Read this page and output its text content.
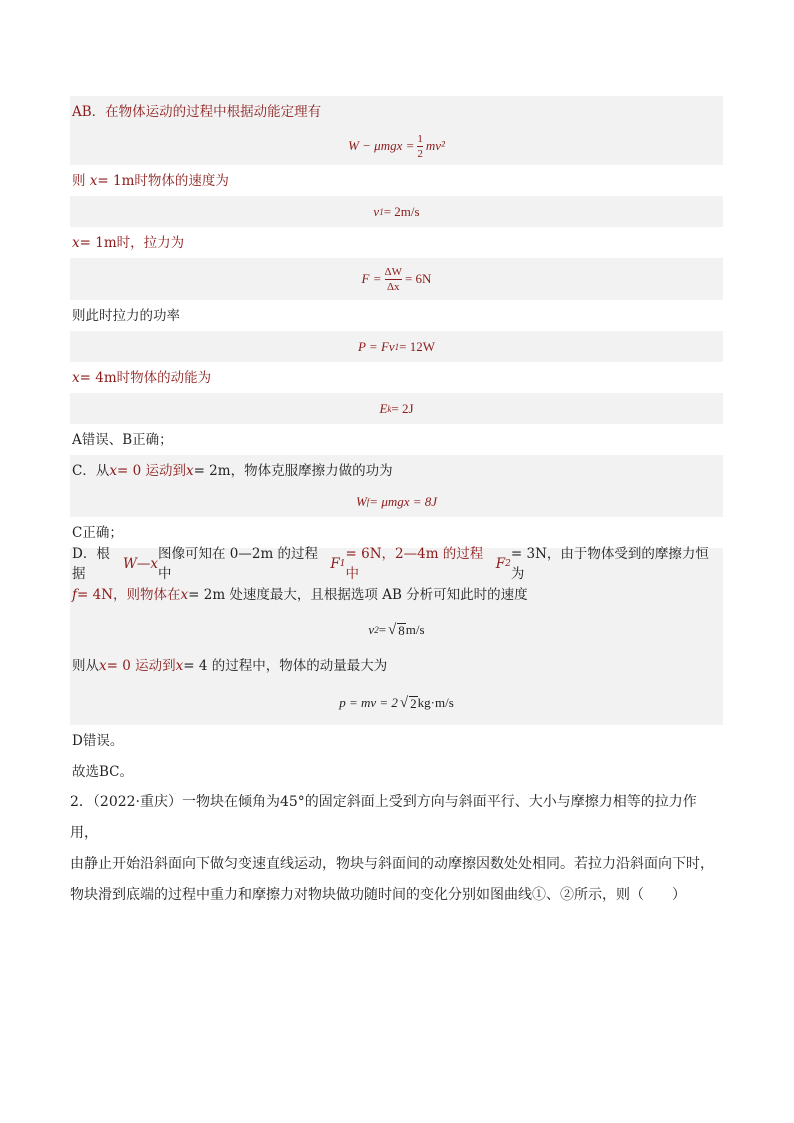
AB．在物体运动的过程中根据动能定理有
$W - \mu mgx = \frac{1}{2} mv^2$
则
x = 1m时物体的速度为
v 1 = 2m/s
x = 1m时，拉力为
$F = \frac{\Delta W}{\Delta x} = 6N$
则此时拉力的功率
P = Fv 1 = 12W
x = 4m时物体的动能为
E k = 2J
A错误、B正确；
C．从 x = 0 运动到 x = 2m，物体克服摩擦力做的功为
W f = μmgx = 8J
C正确；
D．根据
W — x
图像可知在 0—2m 的过程中
F 1
= 6N，2—4m 的过程中
F 2
= 3N，由于物体受到的摩擦力恒为
f = 4N，则物体在 x = 2m 处速度最大，且根据选项 AB 分析可知此时的速度
v 2 = √ 8 m/s
则从 x = 0 运动到 x = 4 的过程中，物体的动量最大为
p = mv = 2 √ 2 kg·m/s
D错误。
故选BC。
2．（2022·重庆）一物块在倾角为45°的固定斜面上受到方向与斜面平行、大小与摩擦力相等的拉力作用，
由静止开始沿斜面向下做匀变速直线运动，物块与斜面间的动摩擦因数处处相同。若拉力沿斜面向下时，
物块滑到底端的过程中重力和摩擦力对物块做功随时间的变化分别如图曲线①、②所示，则（　　）
